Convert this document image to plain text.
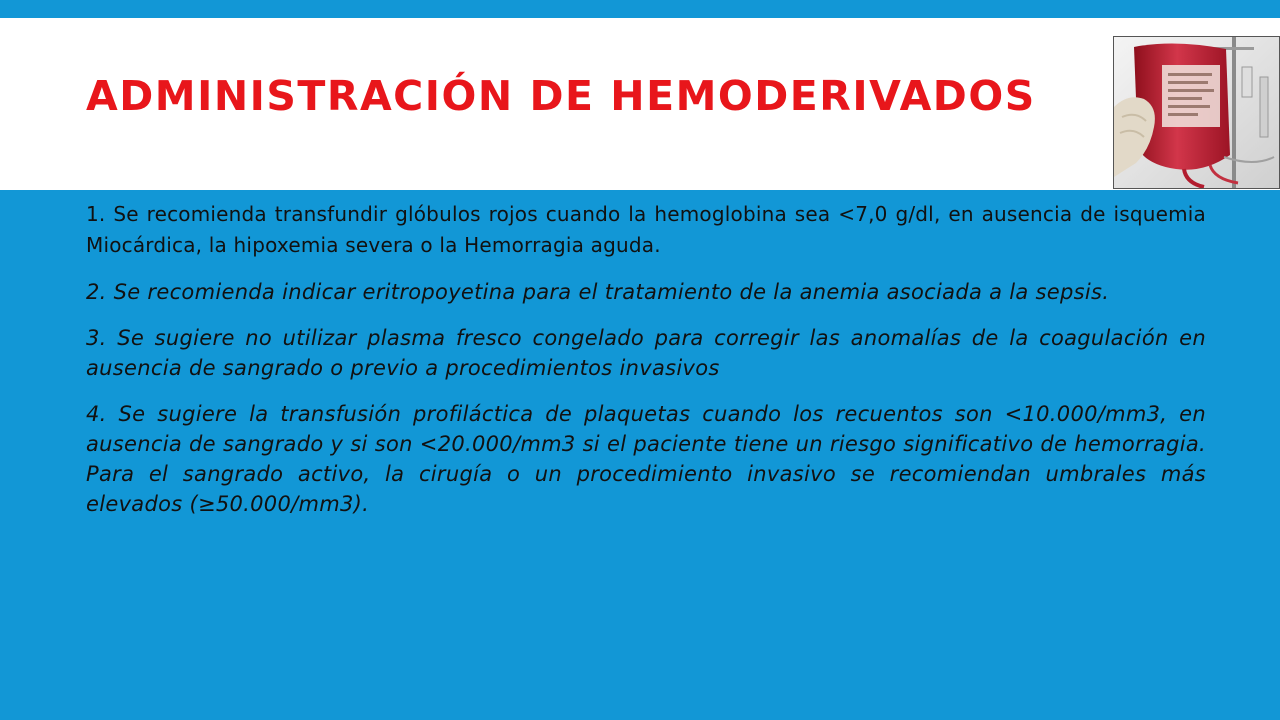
ADMINISTRACIÓN DE HEMODERIVADOS

1. Se recomienda transfundir glóbulos rojos cuando la hemoglobina sea <7,0 g/dl, en ausencia de isquemia Miocárdica, la hipoxemia severa o la Hemorragia aguda.

2. Se recomienda indicar eritropoyetina para el tratamiento de la anemia asociada a la sepsis.

3. Se sugiere no utilizar plasma fresco congelado para corregir las anomalías de la coagulación en ausencia de sangrado o previo a procedimientos invasivos

4. Se sugiere la transfusión profiláctica de plaquetas cuando los recuentos son <10.000/mm3, en ausencia de sangrado y si son <20.000/mm3 si el paciente tiene un riesgo significativo de hemorragia. Para el sangrado activo, la cirugía o un procedimiento invasivo se recomiendan umbrales más elevados (≥50.000/mm3).
